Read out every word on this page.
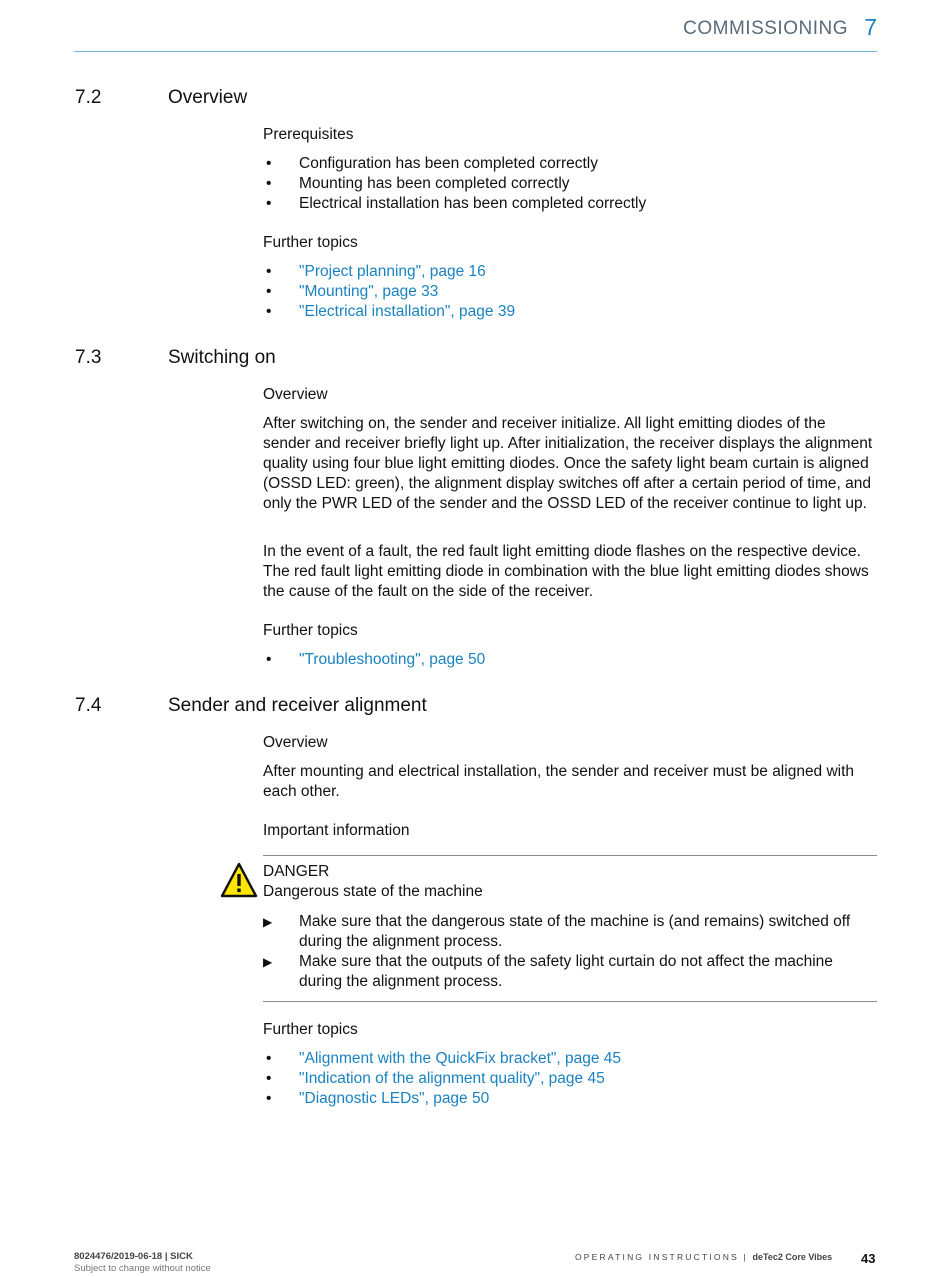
COMMISSIONING 7
7.2	Overview
Prerequisites
• Configuration has been completed correctly
• Mounting has been completed correctly
• Electrical installation has been completed correctly
Further topics
• "Project planning", page 16
• "Mounting", page 33
• "Electrical installation", page 39
7.3	Switching on
Overview

After switching on, the sender and receiver initialize. All light emitting diodes of the sender and receiver briefly light up. After initialization, the receiver displays the alignment quality using four blue light emitting diodes. Once the safety light beam curtain is aligned (OSSD LED: green), the alignment display switches off after a certain period of time, and only the PWR LED of the sender and the OSSD LED of the receiver continue to light up.

In the event of a fault, the red fault light emitting diode flashes on the respective device. The red fault light emitting diode in combination with the blue light emitting diodes shows the cause of the fault on the side of the receiver.

Further topics
• "Troubleshooting", page 50
7.4	Sender and receiver alignment
Overview

After mounting and electrical installation, the sender and receiver must be aligned with each other.

Important information
DANGER
Dangerous state of the machine
▶ Make sure that the dangerous state of the machine is (and remains) switched off during the alignment process.
▶ Make sure that the outputs of the safety light curtain do not affect the machine during the alignment process.
Further topics
• "Alignment with the QuickFix bracket", page 45
• "Indication of the alignment quality", page 45
• "Diagnostic LEDs", page 50
8024476/2019-06-18 | SICK
Subject to change without notice
OPERATING INSTRUCTIONS | deTec2 Core Vibes 43
